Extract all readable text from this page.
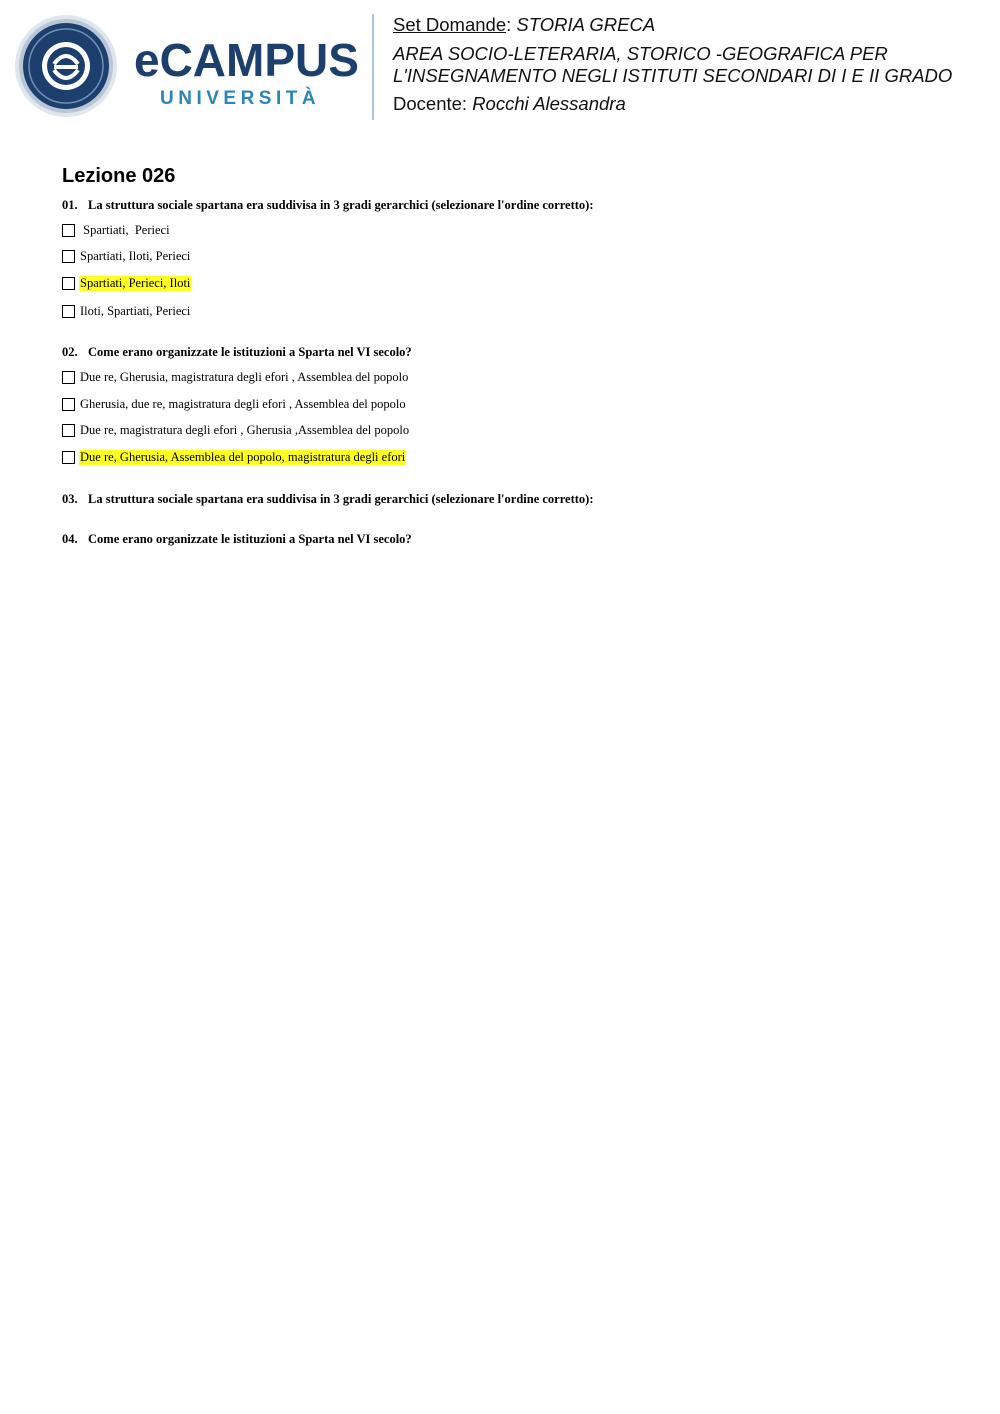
eCAMPUS
UNIVERSITÀ
Set Domande: STORIA GRECA
AREA SOCIO-LETERARIA, STORICO -GEOGRAFICA PER
L'INSEGNAMENTO NEGLI ISTITUTI SECONDARI DI I E II GRADO
Docente: Rocchi Alessandra
Lezione 026
01. La struttura sociale spartana era suddivisa in 3 gradi gerarchici (selezionare l'ordine corretto):
Spartiati,  Perieci
Spartiati, Iloti, Perieci
Spartiati, Perieci, Iloti
Iloti, Spartiati, Perieci
02. Come erano organizzate le istituzioni a Sparta nel VI secolo?
Due re, Gherusia, magistratura degli efori , Assemblea del popolo
Gherusia, due re, magistratura degli efori , Assemblea del popolo
Due re, magistratura degli efori , Gherusia ,Assemblea del popolo
Due re, Gherusia, Assemblea del popolo, magistratura degli efori
03. La struttura sociale spartana era suddivisa in 3 gradi gerarchici (selezionare l'ordine corretto):
04. Come erano organizzate le istituzioni a Sparta nel VI secolo?
